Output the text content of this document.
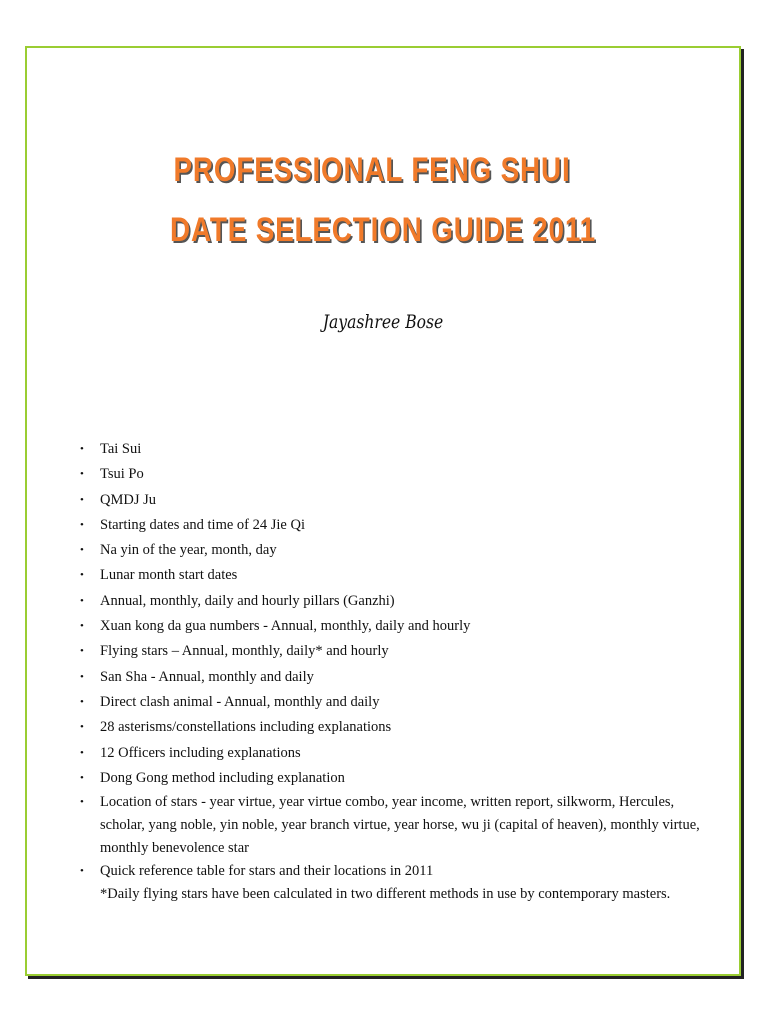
PROFESSIONAL FENG SHUI
DATE SELECTION GUIDE 2011
Jayashree Bose
• Tai Sui
• Tsui Po
• QMDJ Ju
• Starting dates and time of 24 Jie Qi
• Na yin of the year, month, day
• Lunar month start dates
• Annual, monthly, daily and hourly pillars (Ganzhi)
• Xuan kong da gua numbers - Annual, monthly, daily and hourly
• Flying stars – Annual, monthly, daily* and hourly
• San Sha - Annual, monthly and daily
• Direct clash animal - Annual, monthly and daily
• 28 asterisms/constellations including explanations
• 12 Officers including explanations
• Dong Gong method including explanation
• Location of stars - year virtue, year virtue combo, year income, written report, silkworm, Hercules, scholar, yang noble, yin noble, year branch virtue, year horse, wu ji (capital of heaven), monthly virtue, monthly benevolence star
• Quick reference table for stars and their locations in 2011
*Daily flying stars have been calculated in two different methods in use by contemporary masters.
